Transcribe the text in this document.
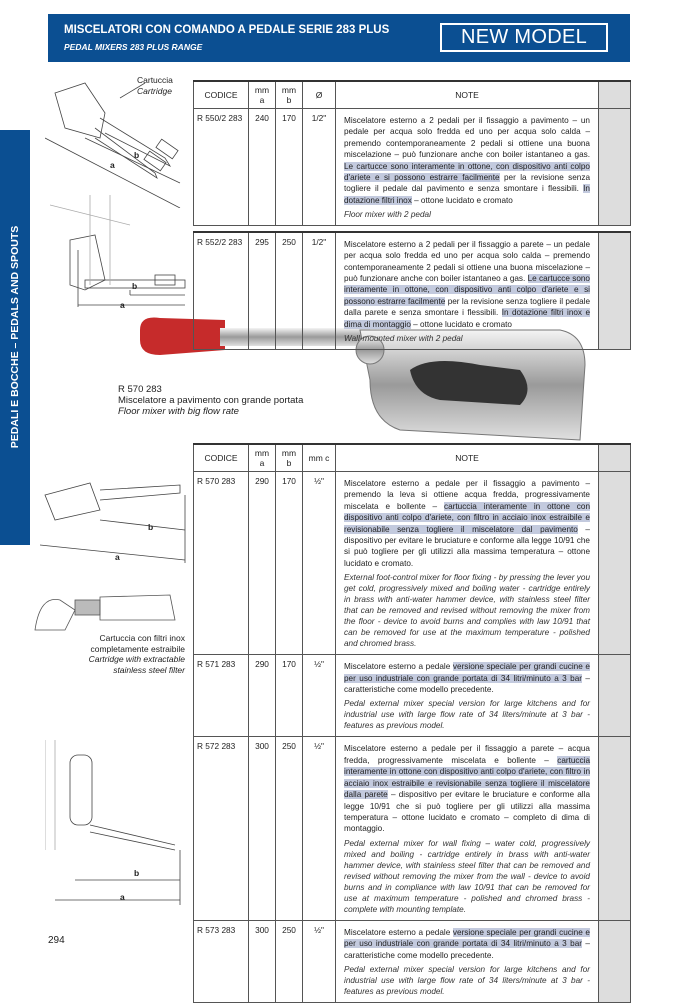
MISCELATORI CON COMANDO A PEDALE SERIE 283 PLUS
PEDAL MIXERS 283 PLUS RANGE	NEW MODEL
PEDALI E BOCCHE – PEDALS AND SPOUTS
Cartuccia
Cartridge
b
a
b
a
R 570 283
Miscelatore a pavimento con grande portata
Floor mixer with big flow rate
b
a
Cartuccia con filtri inox completamente estraibile
Cartridge with extractable stainless steel filter
b
a
CODICE	mm a	mm b	Ø	NOTE	
R 550/2 283	240	170	1/2"	Miscelatore esterno a 2 pedali per il fissaggio a pavimento – un pedale per acqua solo fredda ed uno per acqua solo calda – premendo contemporaneamente 2 pedali si ottiene una buona miscelazione – può funzionare anche con boiler istantaneo a gas. Le cartucce sono interamente in ottone, con dispositivo anti colpo d'ariete e si possono estrarre facilmente per la revisione senza togliere il pedale dal pavimento e senza smontare i flessibili. In dotazione filtri inox – ottone lucidato e cromato
Floor mixer with 2 pedal	

R 552/2 283	295	250	1/2"	Miscelatore esterno a 2 pedali per il fissaggio a parete – un pedale per acqua solo fredda ed uno per acqua solo calda – premendo contemporaneamente 2 pedali si ottiene una buona miscelazione – può funzionare anche con boiler istantaneo a gas. Le cartucce sono interamente in ottone, con dispositivo anti colpo d'ariete e si possono estrarre facilmente per la revisione senza togliere il pedale dalla parete e senza smontare i flessibili. In dotazione filtri inox e dima di montaggio – ottone lucidato e cromato
Wall-mounted mixer with 2 pedal	

CODICE	mm a	mm b	mm c	NOTE	
R 570 283	290	170	½"	Miscelatore esterno a pedale per il fissaggio a pavimento – premendo la leva si ottiene acqua fredda, progressivamente miscelata e bollente – cartuccia interamente in ottone con dispositivo anti colpo d'ariete, con filtro in acciaio inox estraibile e revisionabile senza togliere il miscelatore dal pavimento – dispositivo per evitare le bruciature e conforme alla legge 10/91 che si può togliere per gli utilizzi alla massima temperatura – ottone lucidato e cromato.
External foot-control mixer for floor fixing - by pressing the lever you get cold, progressively mixed and boiling water - cartridge entirely in brass with anti-water hammer device, with stainless steel filter that can be removed and revised without removing the mixer from the floor - device to avoid burns and complies with law 10/91 that can be removed for use at the maximum temperature - polished and chromed brass.	

R 571 283	290	170	½"	Miscelatore esterno a pedale versione speciale per grandi cucine e per uso industriale con grande portata di 34 litri/minuto a 3 bar – caratteristiche come modello precedente.
Pedal external mixer special version for large kitchens and for industrial use with large flow rate of 34 liters/minute at 3 bar - features as previous model.	

R 572 283	300	250	½"	Miscelatore esterno a pedale per il fissaggio a parete – acqua fredda, progressivamente miscelata e bollente – cartuccia interamente in ottone con dispositivo anti colpo d'ariete, con filtro in acciaio inox estraibile e revisionabile senza togliere il miscelatore dalla parete – dispositivo per evitare le bruciature e conforme alla legge 10/91 che si può togliere per gli utilizzi alla massima temperatura – ottone lucidato e cromato – completo di dima di montaggio.
Pedal external mixer for wall fixing – water cold, progressively mixed and boiling - cartridge entirely in brass with anti-water hammer device, with stainless steel filter that can be removed and revised without removing the mixer from the wall - device to avoid burns and in compliance with law 10/91 that can be removed for use at maximum temperature - polished and chromed brass - complete with mounting template.	

R 573 283	300	250	½"	Miscelatore esterno a pedale versione speciale per grandi cucine e per uso industriale con grande portata di 34 litri/minuto a 3 bar – caratteristiche come modello precedente.
Pedal external mixer special version for large kitchens and for industrial use with large flow rate of 34 liters/minute at 3 bar - features as previous model.	

294
